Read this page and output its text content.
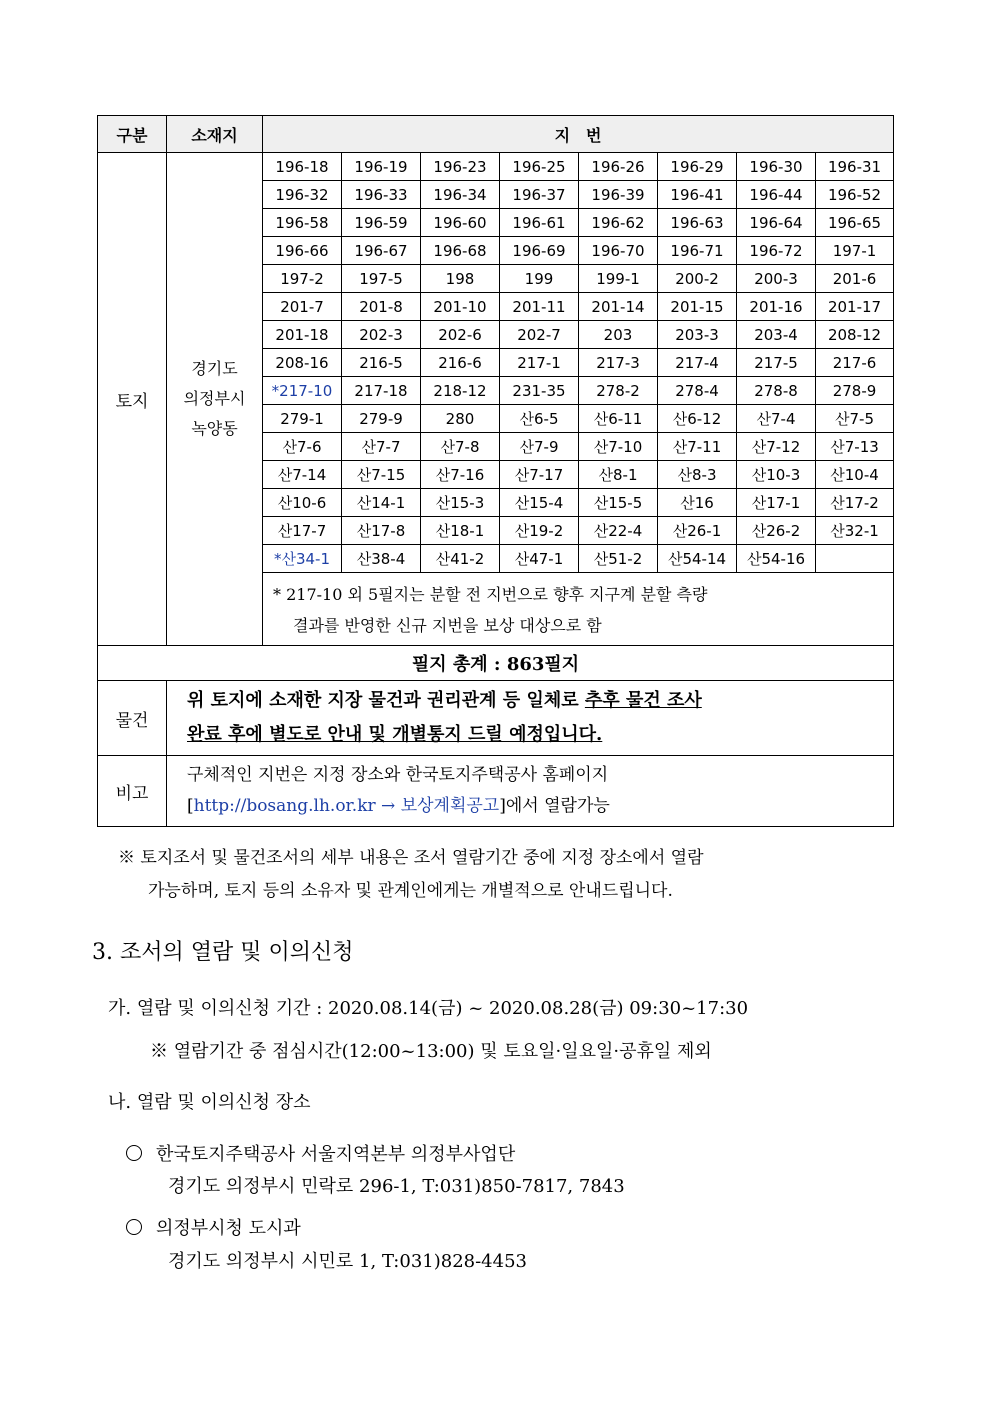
구분	소재지	지　번							
토지	경기도
의정부시
녹양동	196-18	196-19	196-23	196-25	196-26	196-29	196-30	196-31
		196-32	196-33	196-34	196-37	196-39	196-41	196-44	196-52
		196-58	196-59	196-60	196-61	196-62	196-63	196-64	196-65
		196-66	196-67	196-68	196-69	196-70	196-71	196-72	197-1
		197-2	197-5	198	199	199-1	200-2	200-3	201-6
		201-7	201-8	201-10	201-11	201-14	201-15	201-16	201-17
		201-18	202-3	202-6	202-7	203	203-3	203-4	208-12
		208-16	216-5	216-6	217-1	217-3	217-4	217-5	217-6
		*217-10	217-18	218-12	231-35	278-2	278-4	278-8	278-9
		279-1	279-9	280	산6-5	산6-11	산6-12	산7-4	산7-5
		산7-6	산7-7	산7-8	산7-9	산7-10	산7-11	산7-12	산7-13
		산7-14	산7-15	산7-16	산7-17	산8-1	산8-3	산10-3	산10-4
		산10-6	산14-1	산15-3	산15-4	산15-5	산16	산17-1	산17-2
		산17-7	산17-8	산18-1	산19-2	산22-4	산26-1	산26-2	산32-1
		*산34-1	산38-4	산41-2	산47-1	산51-2	산54-14	산54-16	

		* 217-10 외 5필지는 분할 전 지번으로 향후 지구계 분할 측량
결과를 반영한 신규 지번을 보상 대상으로 함							

필지 총계 : 863필지									
물건	위 토지에 소재한 지장 물건과 권리관계 등 일체로 추후 물건 조사
완료 후에 별도로 안내 및 개별통지 드릴 예정입니다.								
비고	구체적인 지번은 지정 장소와 한국토지주택공사 홈페이지
[http://bosang.lh.or.kr → 보상계획공고]에서 열람가능								
※ 토지조서 및 물건조서의 세부 내용은 조서 열람기간 중에 지정 장소에서 열람
가능하며, 토지 등의 소유자 및 관계인에게는 개별적으로 안내드립니다.
3. 조서의 열람 및 이의신청
가. 열람 및 이의신청 기간 : 2020.08.14(금) ~ 2020.08.28(금) 09:30~17:30
※ 열람기간 중 점심시간(12:00~13:00) 및 토요일·일요일·공휴일 제외
나. 열람 및 이의신청 장소
한국토지주택공사 서울지역본부 의정부사업단
경기도 의정부시 민락로 296-1, T:031)850-7817, 7843
의정부시청 도시과
경기도 의정부시 시민로 1, T:031)828-4453
